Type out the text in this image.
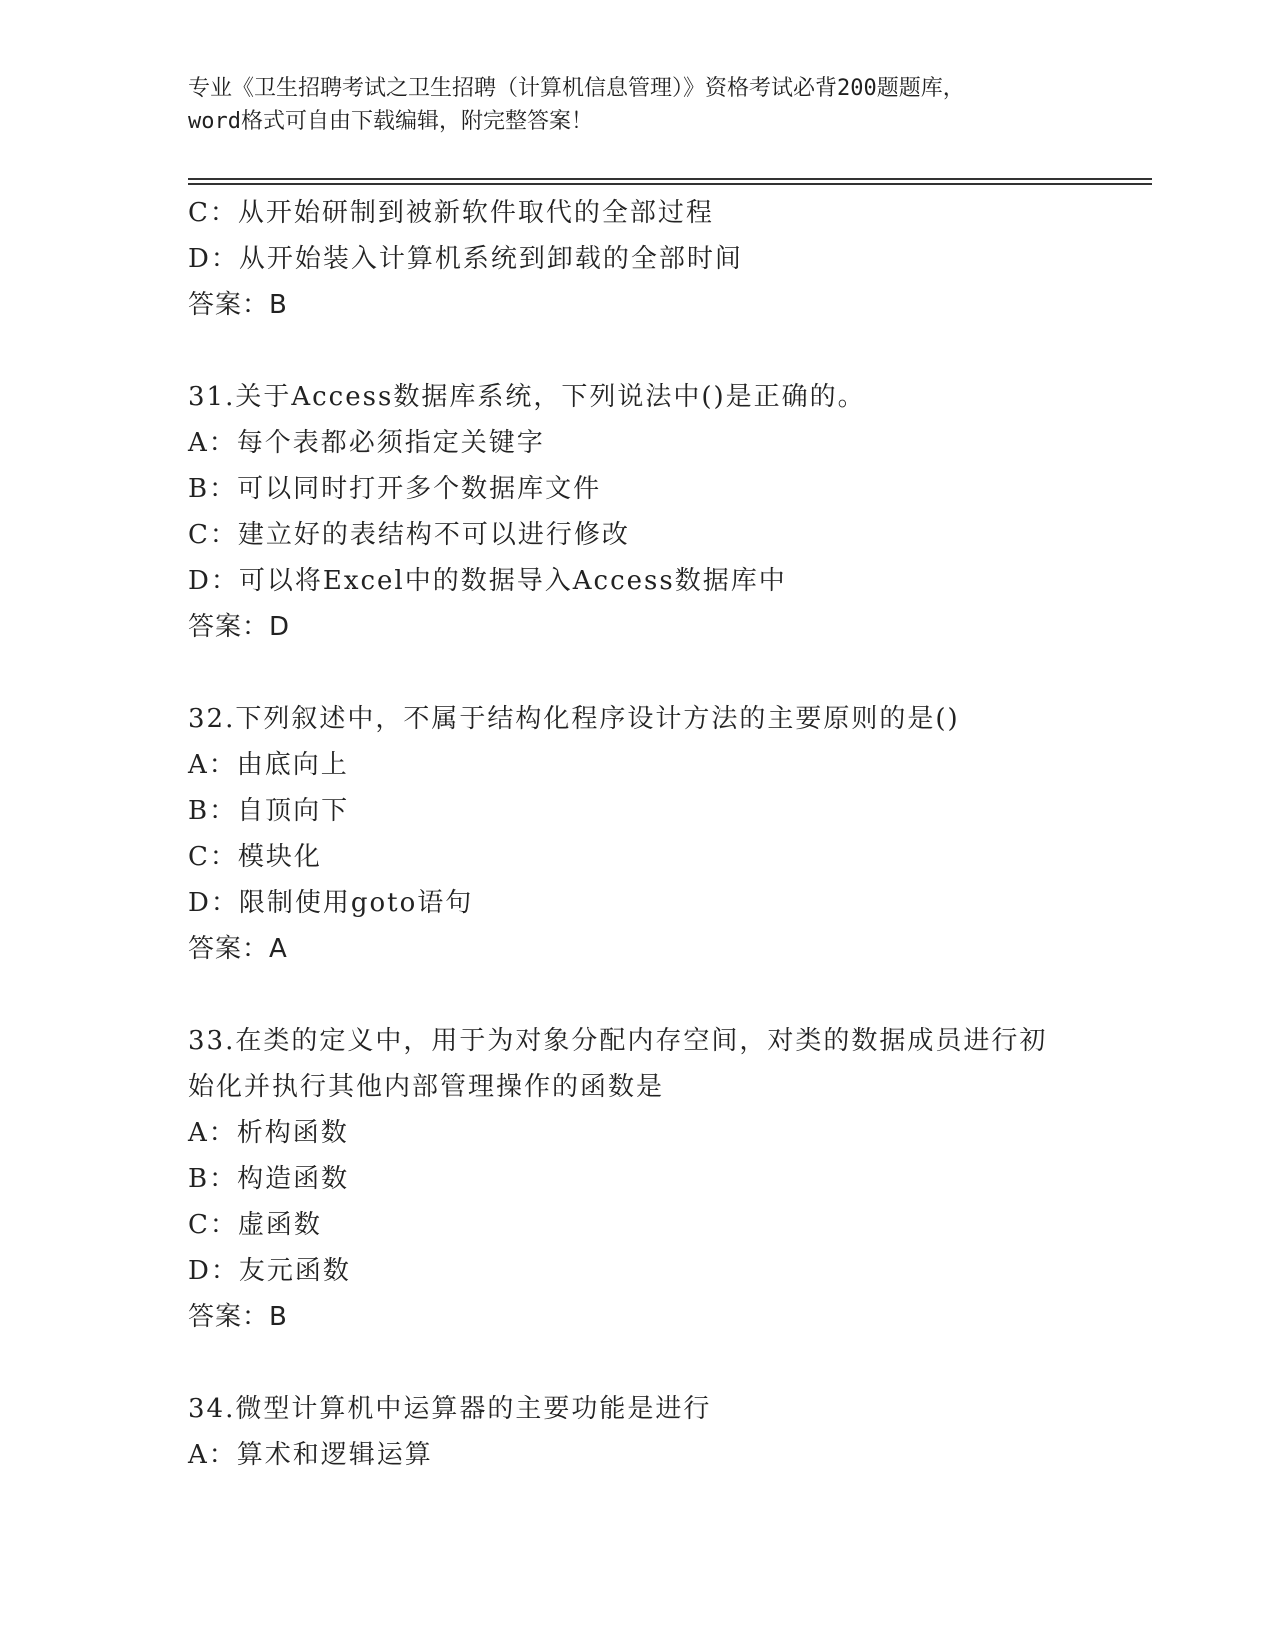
专业《卫生招聘考试之卫生招聘（计算机信息管理）》资格考试必背200题题库，
word格式可自由下载编辑，附完整答案！
C：从开始研制到被新软件取代的全部过程
D：从开始装入计算机系统到卸载的全部时间
答案：B
31.关于Access数据库系统，下列说法中()是正确的。
A：每个表都必须指定关键字
B：可以同时打开多个数据库文件
C：建立好的表结构不可以进行修改
D：可以将Excel中的数据导入Access数据库中
答案：D
32.下列叙述中，不属于结构化程序设计方法的主要原则的是()
A：由底向上
B：自顶向下
C：模块化
D：限制使用goto语句
答案：A
33.在类的定义中，用于为对象分配内存空间，对类的数据成员进行初
始化并执行其他内部管理操作的函数是
A：析构函数
B：构造函数
C：虚函数
D：友元函数
答案：B
34.微型计算机中运算器的主要功能是进行
A：算术和逻辑运算
